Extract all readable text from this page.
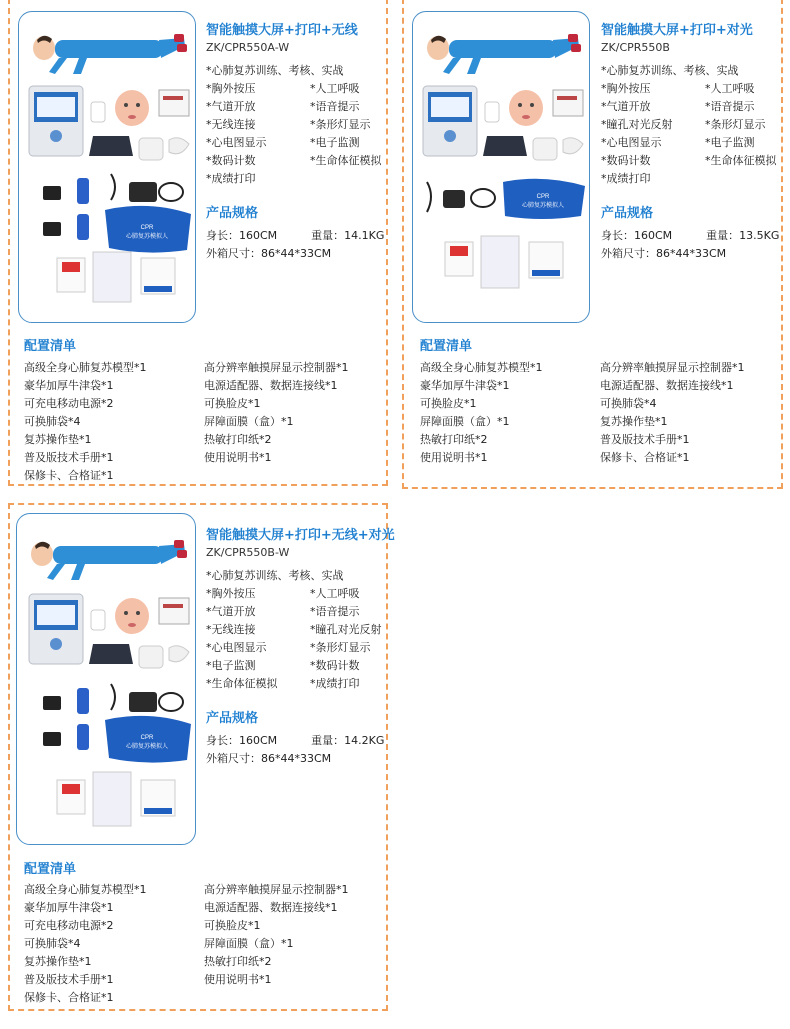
CPR
心肺复苏模拟人
智能触摸大屏+打印+无线
ZK/CPR550A-W
*心肺复苏训练、考核、实战
*胸外按压	*人工呼吸
*气道开放	*语音提示
*无线连接	*条形灯显示
*心电图显示	*电子监测
*数码计数	*生命体征模拟
*成绩打印
产品规格
身长：160CM	重量：14.1KG
外箱尺寸：86*44*33CM
配置清单
高级全身心肺复苏模型*1	高分辨率触摸屏显示控制器*1
豪华加厚牛津袋*1	电源适配器、数据连接线*1
可充电移动电源*2	可换脸皮*1
可换肺袋*4	屏障面膜（盒）*1
复苏操作垫*1	热敏打印纸*2
普及版技术手册*1	使用说明书*1
保修卡、合格证*1
CPR
心肺复苏模拟人
智能触摸大屏+打印+对光
ZK/CPR550B
*心肺复苏训练、考核、实战
*胸外按压	*人工呼吸
*气道开放	*语音提示
*瞳孔对光反射	*条形灯显示
*心电图显示	*电子监测
*数码计数	*生命体征模拟
*成绩打印
产品规格
身长：160CM	重量：13.5KG
外箱尺寸：86*44*33CM
配置清单
高级全身心肺复苏模型*1	高分辨率触摸屏显示控制器*1
豪华加厚牛津袋*1	电源适配器、数据连接线*1
可换脸皮*1	可换肺袋*4
屏障面膜（盒）*1	复苏操作垫*1
热敏打印纸*2	普及版技术手册*1
使用说明书*1	保修卡、合格证*1
CPR
心肺复苏模拟人
智能触摸大屏+打印+无线+对光
ZK/CPR550B-W
*心肺复苏训练、考核、实战
*胸外按压	*人工呼吸
*气道开放	*语音提示
*无线连接	*瞳孔对光反射
*心电图显示	*条形灯显示
*电子监测	*数码计数
*生命体征模拟	*成绩打印
产品规格
身长：160CM	重量：14.2KG
外箱尺寸：86*44*33CM
配置清单
高级全身心肺复苏模型*1	高分辨率触摸屏显示控制器*1
豪华加厚牛津袋*1	电源适配器、数据连接线*1
可充电移动电源*2	可换脸皮*1
可换肺袋*4	屏障面膜（盒）*1
复苏操作垫*1	热敏打印纸*2
普及版技术手册*1	使用说明书*1
保修卡、合格证*1
